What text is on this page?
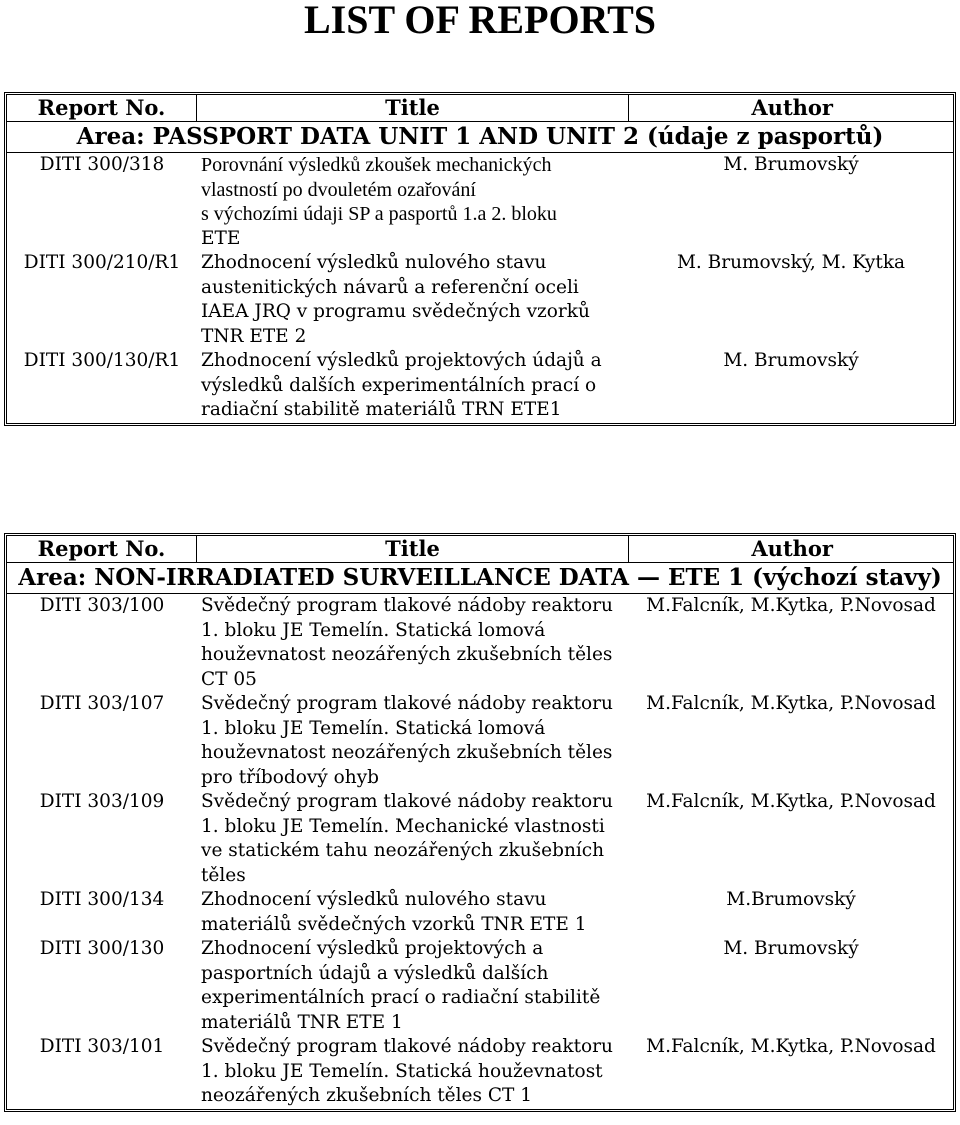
LIST OF REPORTS
Report No.	Title	Author
Area: PASSPORT DATA UNIT 1 AND UNIT 2 (údaje z pasportů)		
DITI 300/318	Porovnání výsledků zkoušek mechanických
vlastností po dvouletém ozařování
s výchozími údaji SP a pasportů 1.a 2. bloku
ETE	M. Brumovský
DITI 300/210/R1	Zhodnocení výsledků nulového stavu
austenitických návarů a referenční oceli
IAEA JRQ v programu svědečných vzorků
TNR ETE 2	M. Brumovský, M. Kytka
DITI 300/130/R1	Zhodnocení výsledků projektových údajů a
výsledků dalších experimentálních prací o
radiační stabilitě materiálů TRN ETE1	M. Brumovský
Report No.	Title	Author
Area: NON-IRRADIATED SURVEILLANCE DATA — ETE 1 (výchozí stavy)		
DITI 303/100	Svědečný program tlakové nádoby reaktoru
1. bloku JE Temelín. Statická lomová
houževnatost neozářených zkušebních těles
CT 05	M.Falcník, M.Kytka, P.Novosad
DITI 303/107	Svědečný program tlakové nádoby reaktoru
1. bloku JE Temelín. Statická lomová
houževnatost neozářených zkušebních těles
pro tříbodový ohyb	M.Falcník, M.Kytka, P.Novosad
DITI 303/109	Svědečný program tlakové nádoby reaktoru
1. bloku JE Temelín. Mechanické vlastnosti
ve statickém tahu neozářených zkušebních
těles	M.Falcník, M.Kytka, P.Novosad
DITI 300/134	Zhodnocení výsledků nulového stavu
materiálů svědečných vzorků TNR ETE 1	M.Brumovský
DITI 300/130	Zhodnocení výsledků projektových a
pasportních údajů a výsledků dalších
experimentálních prací o radiační stabilitě
materiálů TNR ETE 1	M. Brumovský
DITI 303/101	Svědečný program tlakové nádoby reaktoru
1. bloku JE Temelín. Statická houževnatost
neozářených zkušebních těles CT 1	M.Falcník, M.Kytka, P.Novosad
